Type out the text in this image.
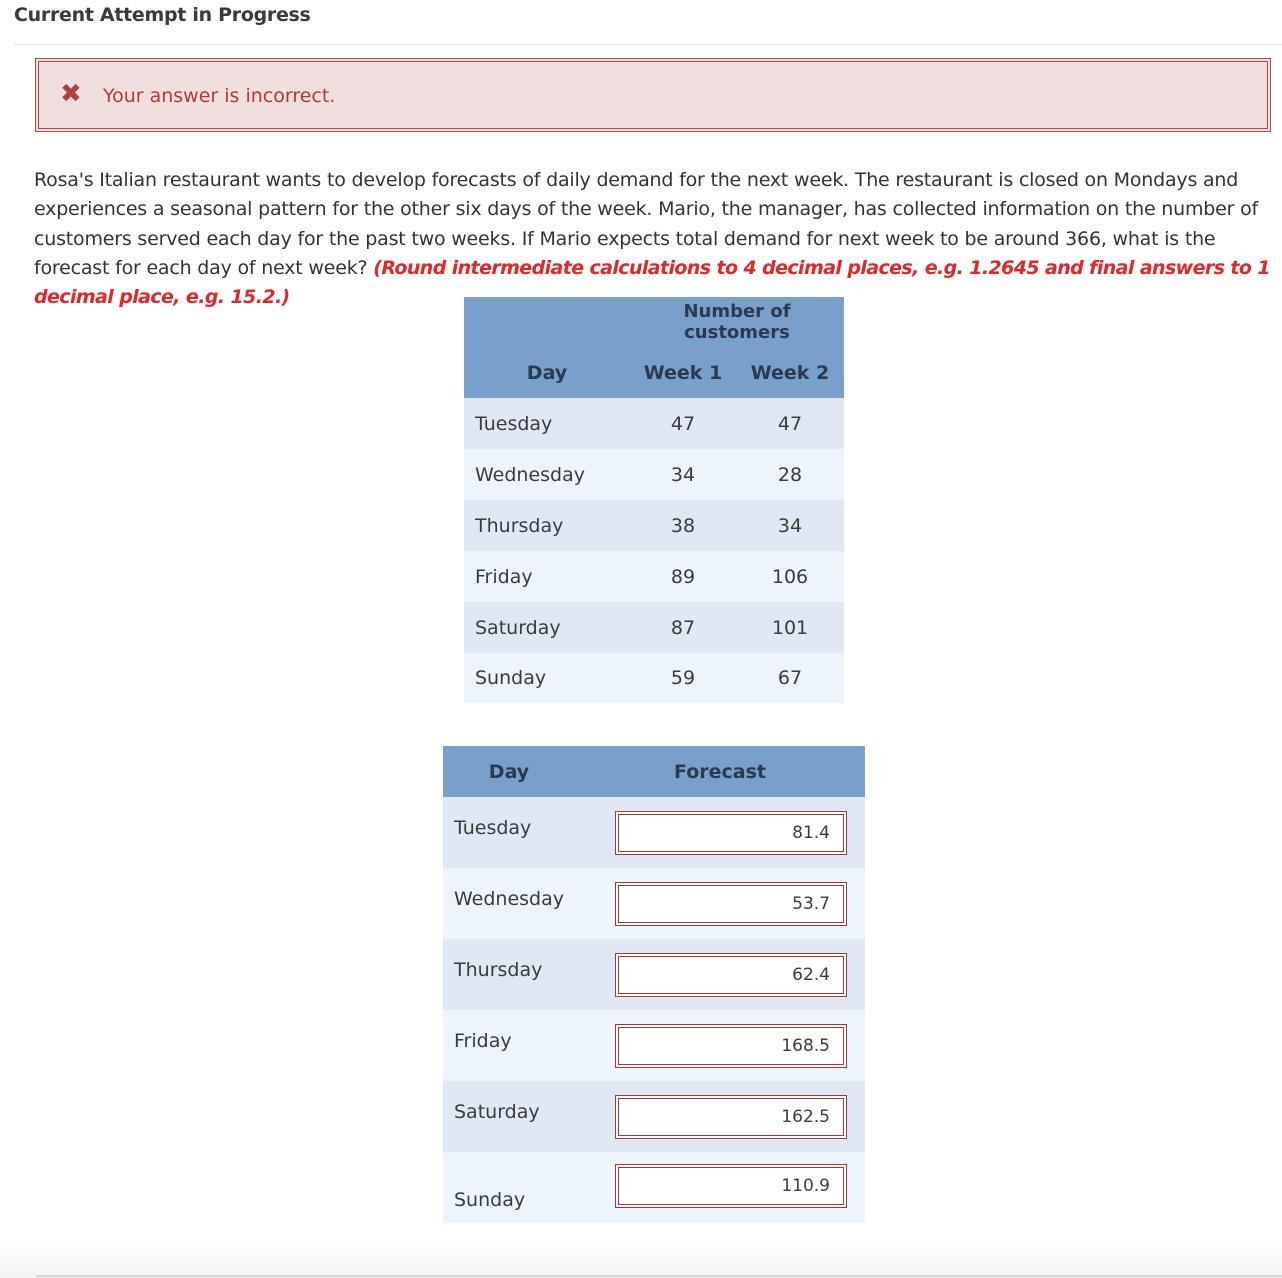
Current Attempt in Progress
✖ Your answer is incorrect.
Rosa's Italian restaurant wants to develop forecasts of daily demand for the next week. The restaurant is closed on Mondays and experiences a seasonal pattern for the other six days of the week. Mario, the manager, has collected information on the number of customers served each day for the past two weeks. If Mario expects total demand for next week to be around 366, what is the forecast for each day of next week? (Round intermediate calculations to 4 decimal places, e.g. 1.2645 and final answers to 1 decimal place, e.g. 15.2.)
	Number of customers	
Day	Week 1	Week 2
Tuesday	47	47
Wednesday	34	28
Thursday	38	34
Friday	89	106
Saturday	87	101
Sunday	59	67
Day	Forecast
Tuesday	81.4

Wednesday	53.7

Thursday	62.4

Friday	168.5

Saturday	162.5

Sunday	110.9
